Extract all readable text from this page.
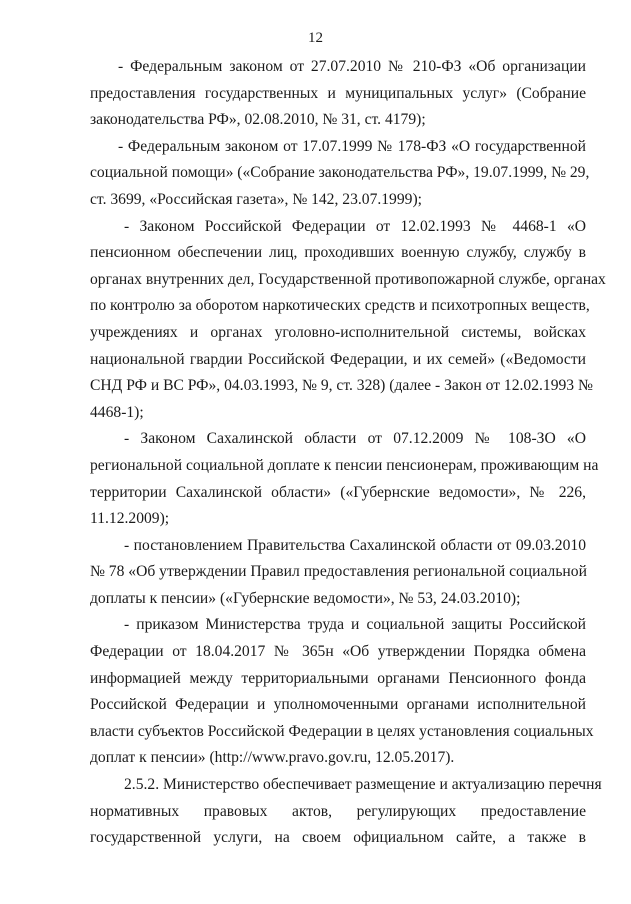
12
- Федеральным законом от 27.07.2010 № 210-ФЗ «Об организации
предоставления государственных и муниципальных услуг» (Собрание
законодательства РФ», 02.08.2010, № 31, ст. 4179);
- Федеральным законом от 17.07.1999 № 178-ФЗ «О государственной
социальной помощи» («Собрание законодательства РФ», 19.07.1999, № 29,
ст. 3699, «Российская газета», № 142, 23.07.1999);
- Законом Российской Федерации от 12.02.1993 № 4468-1 «О
пенсионном обеспечении лиц, проходивших военную службу, службу в
органах внутренних дел, Государственной противопожарной службе, органах
по контролю за оборотом наркотических средств и психотропных веществ,
учреждениях и органах уголовно-исполнительной системы, войсках
национальной гвардии Российской Федерации, и их семей» («Ведомости
СНД РФ и ВС РФ», 04.03.1993, № 9, ст. 328) (далее - Закон от 12.02.1993 №
4468-1);
- Законом Сахалинской области от 07.12.2009 № 108-ЗО «О
региональной социальной доплате к пенсии пенсионерам, проживающим на
территории Сахалинской области» («Губернские ведомости», № 226,
11.12.2009);
- постановлением Правительства Сахалинской области от 09.03.2010
№ 78 «Об утверждении Правил предоставления региональной социальной
доплаты к пенсии» («Губернские ведомости», № 53, 24.03.2010);
- приказом Министерства труда и социальной защиты Российской
Федерации от 18.04.2017 № 365н «Об утверждении Порядка обмена
информацией между территориальными органами Пенсионного фонда
Российской Федерации и уполномоченными органами исполнительной
власти субъектов Российской Федерации в целях установления социальных
доплат к пенсии» (http://www.pravo.gov.ru, 12.05.2017).
2.5.2. Министерство обеспечивает размещение и актуализацию перечня
нормативных правовых актов, регулирующих предоставление
государственной услуги, на своем официальном сайте, а также в
